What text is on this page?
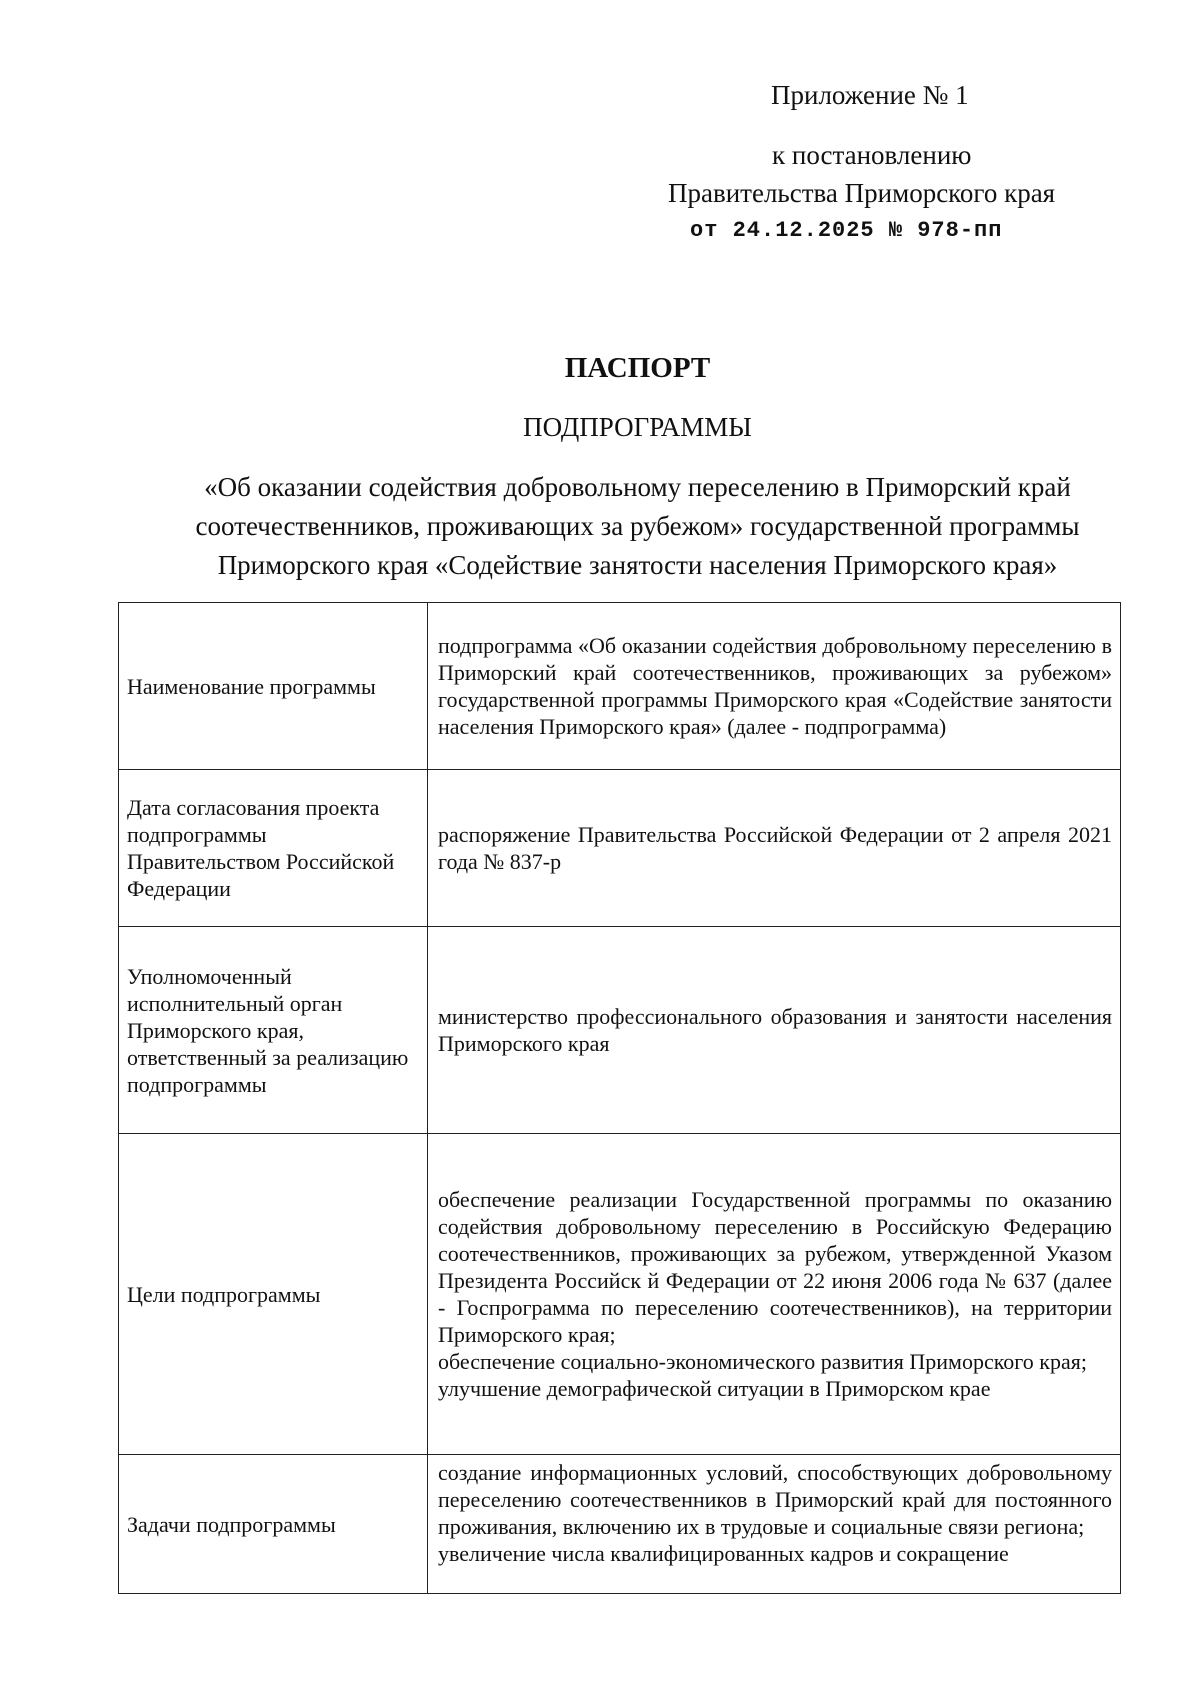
Приложение № 1
к постановлению
Правительства Приморского края
от 24.12.2025 № 978-пп
ПАСПОРТ
ПОДПРОГРАММЫ
«Об оказании содействия добровольному переселению в Приморский край
соотечественников, проживающих за рубежом» государственной программы
Приморского края «Содействие занятости населения Приморского края»
Наименование программы	подпрограмма «Об оказании содействия добровольному переселению в Приморский край соотечественников, проживающих за рубежом» государственной программы Приморского края «Содействие занятости населения Приморского края» (далее - подпрограмма)

Дата согласования проекта подпрограммы Правительством Российской Федерации	распоряжение Правительства Российской Федерации от 2 апреля 2021 года № 837-р

Уполномоченный исполнительный орган Приморского края, ответственный за реализацию подпрограммы	министерство профессионального образования и занятости населения Приморского края

Цели подпрограммы	обеспечение реализации Государственной программы по оказанию содействия добровольному переселению в Российскую Федерацию соотечественников, проживающих за рубежом, утвержденной Указом Президента Российск й Федерации от 22 июня 2006 года № 637 (далее - Госпрограмма по переселению соотечественников), на территории Приморского края;
обеспечение социально-экономического развития Приморского края;
улучшение демографической ситуации в Приморском крае

Задачи подпрограммы	создание информационных условий, способствующих добровольному переселению соотечественников в Приморский край для постоянного проживания, включению их в трудовые и социальные связи региона;
увеличение числа квалифицированных кадров и сокращение
